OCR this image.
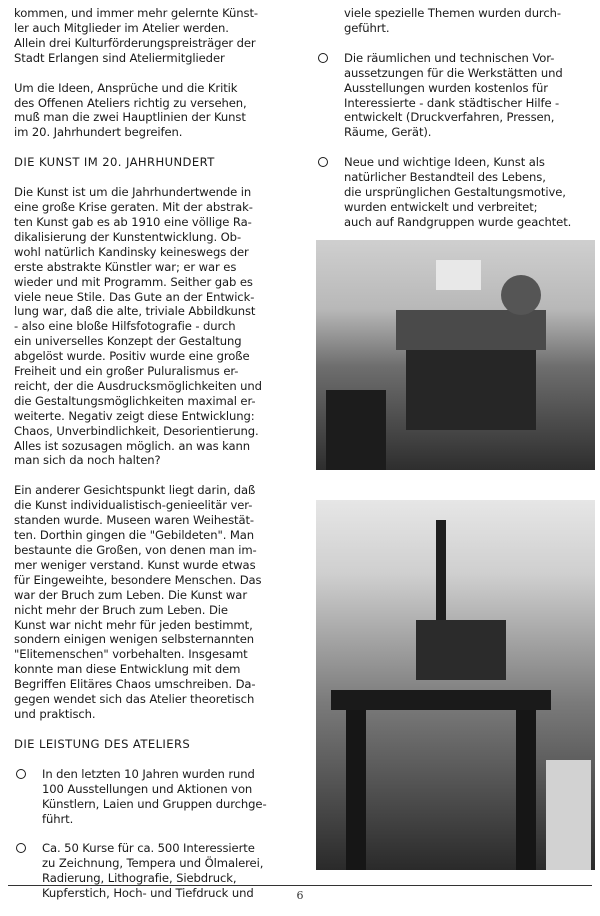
kommen, und immer mehr gelernte Künst-
ler auch Mitglieder im Atelier werden.
Allein drei Kulturförderungspreisträger der
Stadt Erlangen sind Ateliermitglieder

Um die Ideen, Ansprüche und die Kritik
des Offenen Ateliers richtig zu versehen,
muß man die zwei Hauptlinien der Kunst
im 20. Jahrhundert begreifen.

DIE KUNST IM 20. JAHRHUNDERT

Die Kunst ist um die Jahrhundertwende in
eine große Krise geraten. Mit der abstrak-
ten Kunst gab es ab 1910 eine völlige Ra-
dikalisierung der Kunstentwicklung. Ob-
wohl natürlich Kandinsky keineswegs der
erste abstrakte Künstler war; er war es
wieder und mit Programm. Seither gab es
viele neue Stile. Das Gute an der Entwick-
lung war, daß die alte, triviale Abbildkunst
- also eine bloße Hilfsfotografie - durch
ein universelles Konzept der Gestaltung
abgelöst wurde. Positiv wurde eine große
Freiheit und ein großer Puluralismus er-
reicht, der die Ausdrucksmöglichkeiten und
die Gestaltungsmöglichkeiten maximal er-
weiterte. Negativ zeigt diese Entwicklung:
Chaos, Unverbindlichkeit, Desorientierung.
Alles ist sozusagen möglich. an was kann
man sich da noch halten?

Ein anderer Gesichtspunkt liegt darin, daß
die Kunst individualistisch-genieelitär ver-
standen wurde. Museen waren Weihestät-
ten. Dorthin gingen die "Gebildeten". Man
bestaunte die Großen, von denen man im-
mer weniger verstand. Kunst wurde etwas
für Eingeweihte, besondere Menschen. Das
war der Bruch zum Leben. Die Kunst war
nicht mehr der Bruch zum Leben. Die
Kunst war nicht mehr für jeden bestimmt,
sondern einigen wenigen selbsternannten
"Elitemenschen" vorbehalten. Insgesamt
konnte man diese Entwicklung mit dem
Begriffen Elitäres Chaos umschreiben. Da-
gegen wendet sich das Atelier theoretisch
und praktisch.

DIE LEISTUNG DES ATELIERS
In den letzten 10 Jahren wurden rund
100 Ausstellungen und Aktionen von
Künstlern, Laien und Gruppen durchge-
führt.
Ca. 50 Kurse für ca. 500 Interessierte
zu Zeichnung, Tempera und Ölmalerei,
Radierung, Lithografie, Siebdruck,
Kupferstich, Hoch- und Tiefdruck und
viele spezielle Themen wurden durch-
geführt.
Die räumlichen und technischen Vor-
aussetzungen für die Werkstätten und
Ausstellungen wurden kostenlos für
Interessierte - dank städtischer Hilfe -
entwickelt (Druckverfahren, Pressen,
Räume, Gerät).
Neue und wichtige Ideen, Kunst als
natürlicher Bestandteil des Lebens,
die ursprünglichen Gestaltungsmotive,
wurden entwickelt und verbreitet;
auch auf Randgruppen wurde geachtet.
6
